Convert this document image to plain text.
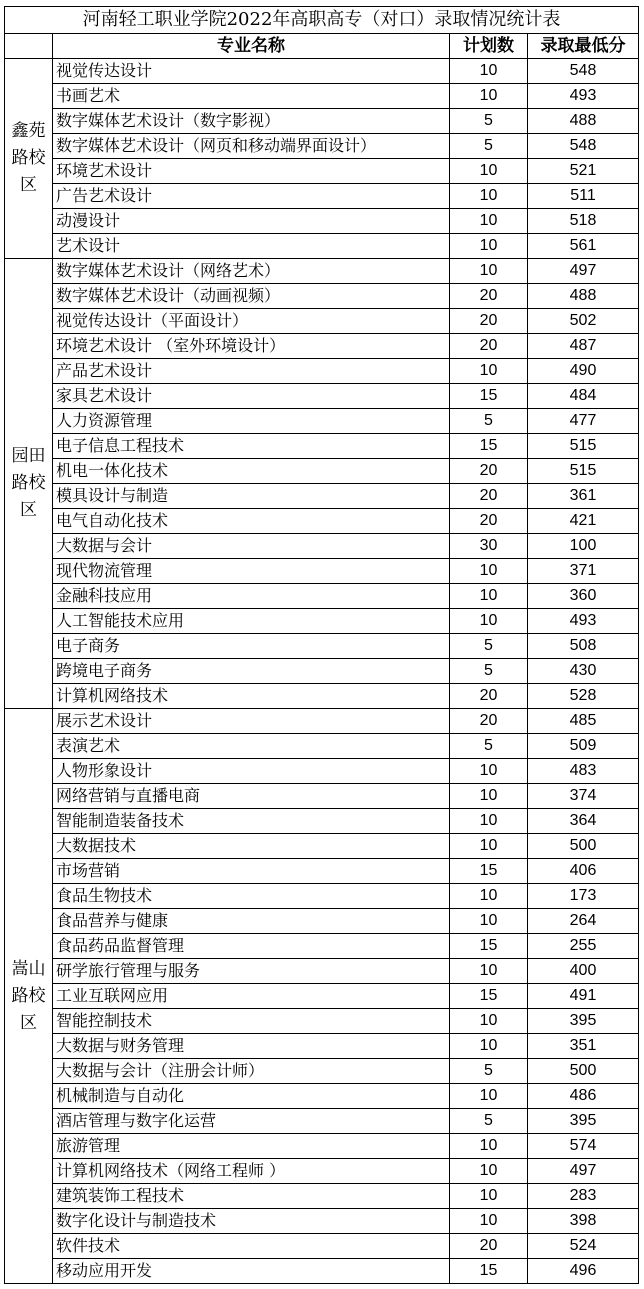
河南轻工职业学院2022年高职高专（对口）录取情况统计表			
	专业名称	计划数	录取最低分
鑫苑路校区	视觉传达设计	10	548
	书画艺术	10	493
	数字媒体艺术设计（数字影视）	5	488
	数字媒体艺术设计（网页和移动端界面设计）	5	548
	环境艺术设计	10	521
	广告艺术设计	10	511
	动漫设计	10	518
	艺术设计	10	561
园田路校区	数字媒体艺术设计（网络艺术）	10	497
	数字媒体艺术设计（动画视频）	20	488
	视觉传达设计（平面设计）	20	502
	环境艺术设计 （室外环境设计）	20	487
	产品艺术设计	10	490
	家具艺术设计	15	484
	人力资源管理	5	477
	电子信息工程技术	15	515
	机电一体化技术	20	515
	模具设计与制造	20	361
	电气自动化技术	20	421
	大数据与会计	30	100
	现代物流管理	10	371
	金融科技应用	10	360
	人工智能技术应用	10	493
	电子商务	5	508
	跨境电子商务	5	430
	计算机网络技术	20	528
嵩山路校区	展示艺术设计	20	485
	表演艺术	5	509
	人物形象设计	10	483
	网络营销与直播电商	10	374
	智能制造装备技术	10	364
	大数据技术	10	500
	市场营销	15	406
	食品生物技术	10	173
	食品营养与健康	10	264
	食品药品监督管理	15	255
	研学旅行管理与服务	10	400
	工业互联网应用	15	491
	智能控制技术	10	395
	大数据与财务管理	10	351
	大数据与会计（注册会计师）	5	500
	机械制造与自动化	10	486
	酒店管理与数字化运营	5	395
	旅游管理	10	574
	计算机网络技术（网络工程师 ）	10	497
	建筑装饰工程技术	10	283
	数字化设计与制造技术	10	398
	软件技术	20	524
	移动应用开发	15	496
